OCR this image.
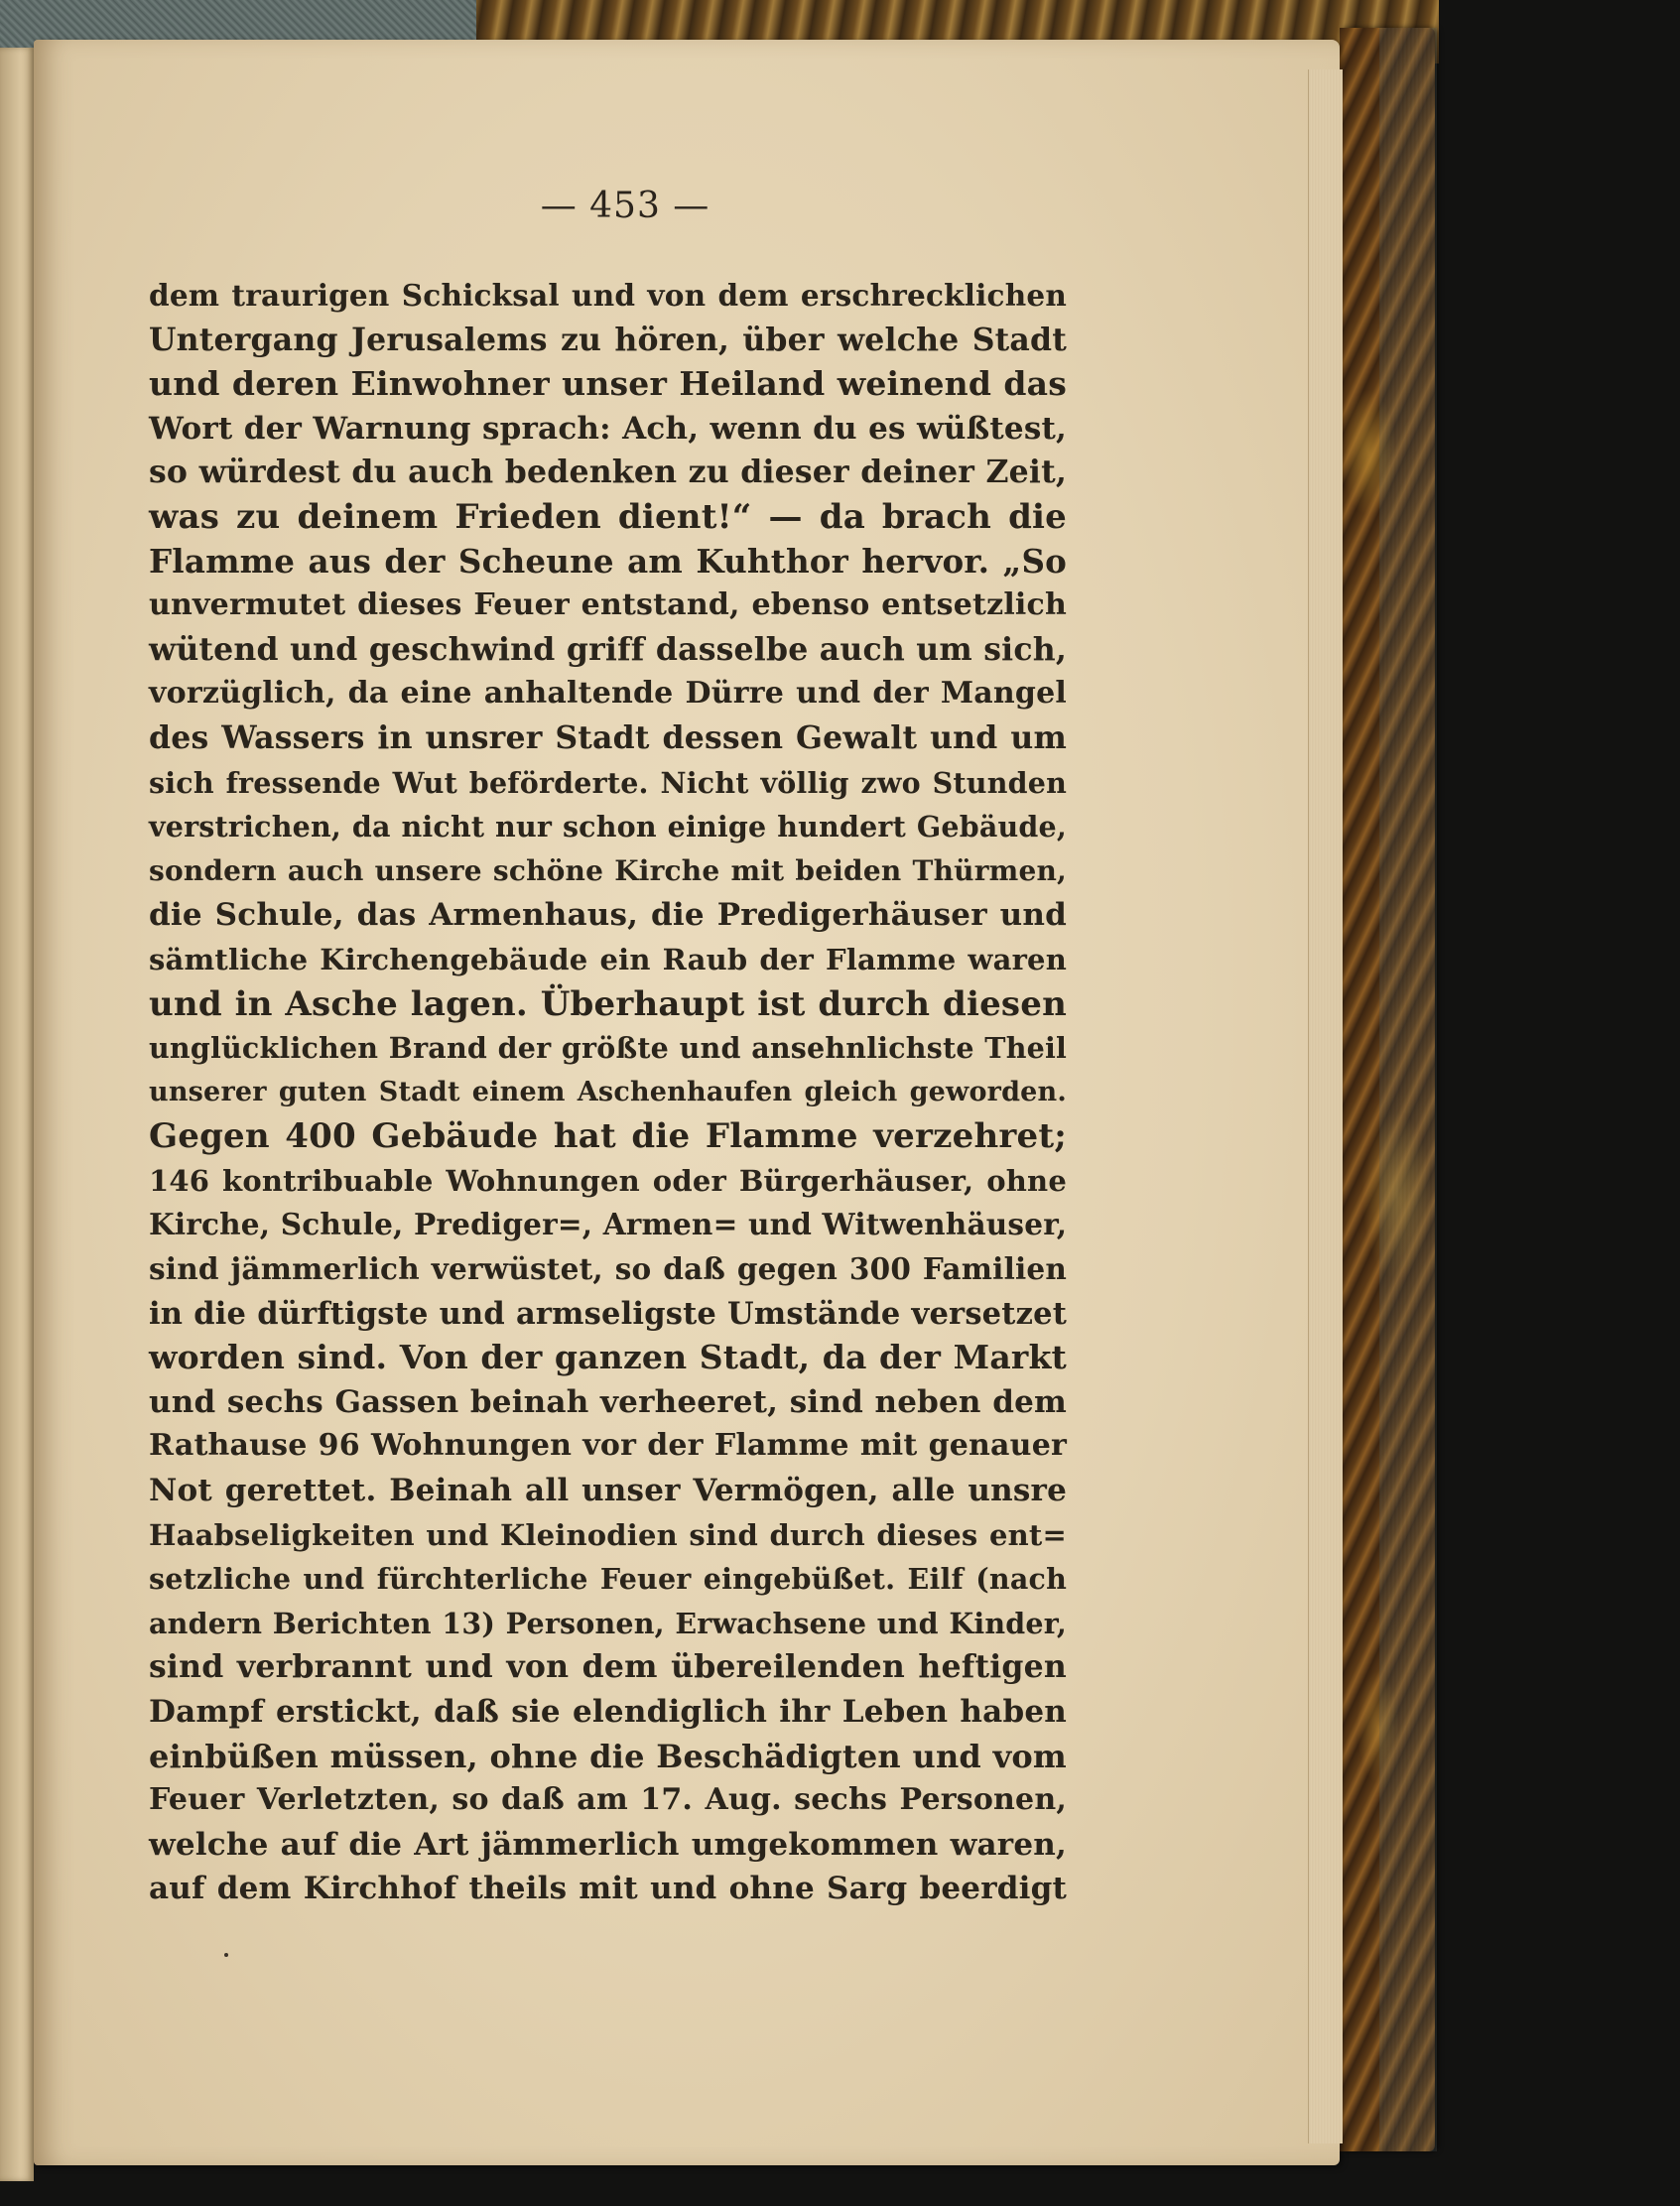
— 453 —
dem traurigen Schicksal und von dem erschrecklichen
Untergang Jerusalems zu hören, über welche Stadt
und deren Einwohner unser Heiland weinend das
Wort der Warnung sprach: Ach, wenn du es wüßtest,
so würdest du auch bedenken zu dieser deiner Zeit,
was zu deinem Frieden dient!“ — da brach die
Flamme aus der Scheune am Kuhthor hervor. „So
unvermutet dieses Feuer entstand, ebenso entsetzlich
wütend und geschwind griff dasselbe auch um sich,
vorzüglich, da eine anhaltende Dürre und der Mangel
des Wassers in unsrer Stadt dessen Gewalt und um
sich fressende Wut beförderte. Nicht völlig zwo Stunden
verstrichen, da nicht nur schon einige hundert Gebäude,
sondern auch unsere schöne Kirche mit beiden Thürmen,
die Schule, das Armenhaus, die Predigerhäuser und
sämtliche Kirchengebäude ein Raub der Flamme waren
und in Asche lagen. Überhaupt ist durch diesen
unglücklichen Brand der größte und ansehnlichste Theil
unserer guten Stadt einem Aschenhaufen gleich geworden.
Gegen 400 Gebäude hat die Flamme verzehret;
146 kontribuable Wohnungen oder Bürgerhäuser, ohne
Kirche, Schule, Prediger=, Armen= und Witwenhäuser,
sind jämmerlich verwüstet, so daß gegen 300 Familien
in die dürftigste und armseligste Umstände versetzet
worden sind. Von der ganzen Stadt, da der Markt
und sechs Gassen beinah verheeret, sind neben dem
Rathause 96 Wohnungen vor der Flamme mit genauer
Not gerettet. Beinah all unser Vermögen, alle unsre
Haabseligkeiten und Kleinodien sind durch dieses ent=
setzliche und fürchterliche Feuer eingebüßet. Eilf (nach
andern Berichten 13) Personen, Erwachsene und Kinder,
sind verbrannt und von dem übereilenden heftigen
Dampf erstickt, daß sie elendiglich ihr Leben haben
einbüßen müssen, ohne die Beschädigten und vom
Feuer Verletzten, so daß am 17. Aug. sechs Personen,
welche auf die Art jämmerlich umgekommen waren,
auf dem Kirchhof theils mit und ohne Sarg beerdigt
